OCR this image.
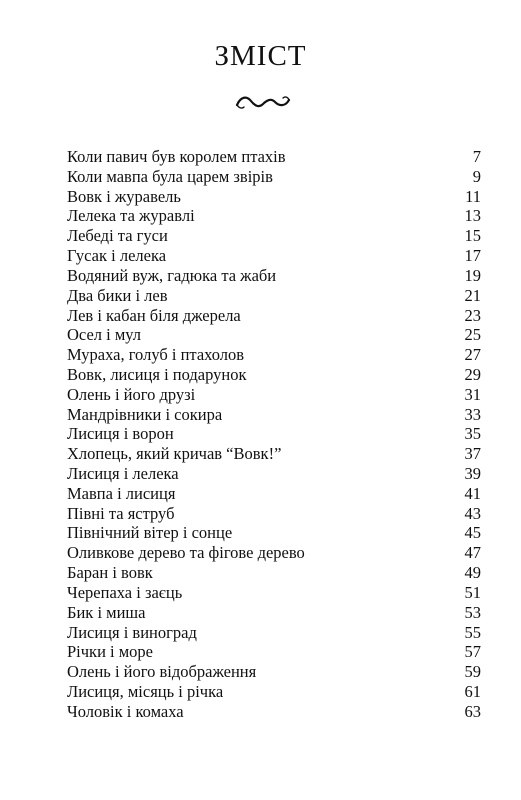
ЗМІСТ
Коли павич був королем птахів	7
Коли мавпа була царем звірів	9
Вовк і журавель	11
Лелека та журавлі	13
Лебеді та гуси	15
Гусак і лелека	17
Водяний вуж, гадюка та жаби	19
Два бики і лев	21
Лев і кабан біля джерела	23
Осел і мул	25
Мураха, голуб і птахолов	27
Вовк, лисиця і подарунок	29
Олень і його друзі	31
Мандрівники і сокира	33
Лисиця і ворон	35
Хлопець, який кричав “Вовк!”	37
Лисиця і лелека	39
Мавпа і лисиця	41
Півні та яструб	43
Північний вітер і сонце	45
Оливкове дерево та фігове дерево	47
Баран і вовк	49
Черепаха і заєць	51
Бик і миша	53
Лисиця і виноград	55
Річки і море	57
Олень і його відображення	59
Лисиця, місяць і річка	61
Чоловік і комаха	63
